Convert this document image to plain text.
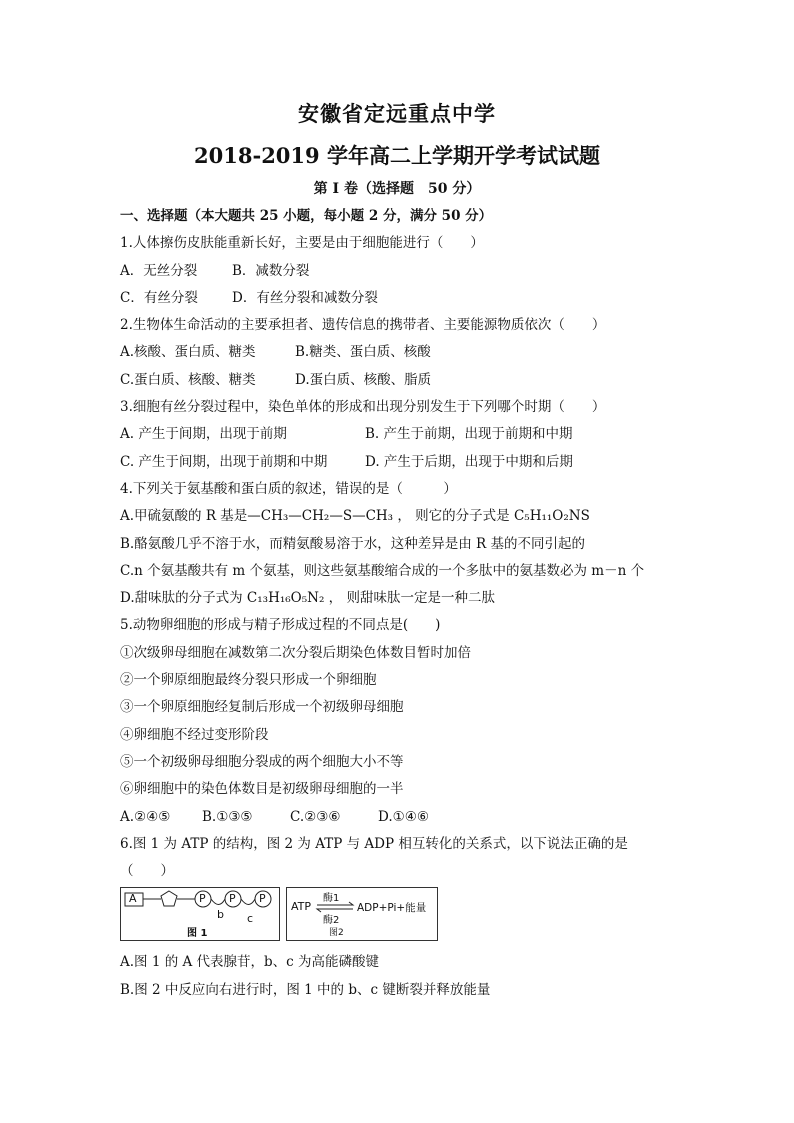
安徽省定远重点中学
2018-2019 学年高二上学期开学考试试题
第 I 卷（选择题　50 分）
一、选择题（本大题共 25 小题，每小题 2 分，满分 50 分）
1.人体擦伤皮肤能重新长好，主要是由于细胞能进行（　　）
A．无丝分裂	B．减数分裂
C．有丝分裂	D．有丝分裂和减数分裂
2.生物体生命活动的主要承担者、遗传信息的携带者、主要能源物质依次（　　）
A.核酸、蛋白质、糖类	B.糖类、蛋白质、核酸
C.蛋白质、核酸、糖类	D.蛋白质、核酸、脂质
3.细胞有丝分裂过程中，染色单体的形成和出现分别发生于下列哪个时期（　　）
A. 产生于间期，出现于前期	B. 产生于前期，出现于前期和中期
C. 产生于间期，出现于前期和中期	D. 产生于后期，出现于中期和后期
4.下列关于氨基酸和蛋白质的叙述，错误的是（　　　）
A.甲硫氨酸的 R 基是—CH₃—CH₂—S—CH₃ ， 则它的分子式是 C₅H₁₁O₂NS
B.酪氨酸几乎不溶于水，而精氨酸易溶于水，这种差异是由 R 基的不同引起的
C.n 个氨基酸共有 m 个氨基，则这些氨基酸缩合成的一个多肽中的氨基数必为 m－n 个
D.甜味肽的分子式为 C₁₃H₁₆O₅N₂ ， 则甜味肽一定是一种二肽
5.动物卵细胞的形成与精子形成过程的不同点是(　　)
①次级卵母细胞在减数第二次分裂后期染色体数目暂时加倍
②一个卵原细胞最终分裂只形成一个卵细胞
③一个卵原细胞经复制后形成一个初级卵母细胞
④卵细胞不经过变形阶段
⑤一个初级卵母细胞分裂成的两个细胞大小不等
⑥卵细胞中的染色体数目是初级卵母细胞的一半
A.②④⑤ B.①③⑤	C.②③⑥	D.①④⑥
6.图 1 为 ATP 的结构，图 2 为 ATP 与 ADP 相互转化的关系式，以下说法正确的是
（　　）
A	P P P
b c
图 1
ATP
酶1
酶2
ADP+Pi+能量
图2
A.图 1 的 A 代表腺苷，b、c 为高能磷酸键
B.图 2 中反应向右进行时，图 1 中的 b、c 键断裂并释放能量
